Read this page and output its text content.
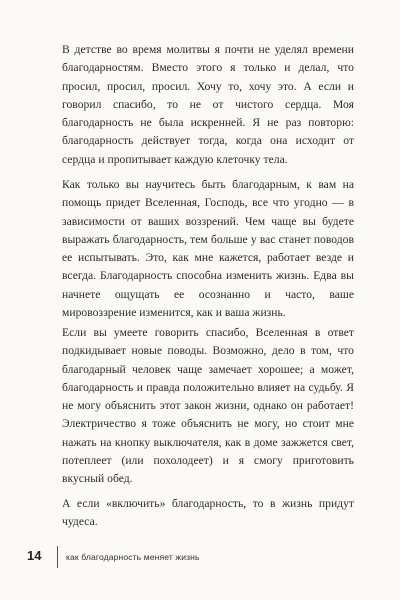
В детстве во время молитвы я почти не уделял времени благодарностям. Вместо этого я только и делал, что просил, просил, просил. Хочу то, хочу это. А если и говорил спасибо, то не от чистого сердца. Моя благодарность не была искренней. Я не раз повторю: благодарность действует тогда, когда она исходит от сердца и пропитывает каждую клеточку тела.

Как только вы научитесь быть благодарным, к вам на помощь придет Вселенная, Господь, все что угодно — в зависимости от ваших воззрений. Чем чаще вы будете выражать благодарность, тем больше у вас станет поводов ее испытывать. Это, как мне кажется, работает везде и всегда. Благодарность способна изменить жизнь. Едва вы начнете ощущать ее осознанно и часто, ваше мировоззрение изменится, как и ваша жизнь.

Если вы умеете говорить спасибо, Вселенная в ответ подкидывает новые поводы. Возможно, дело в том, что благодарный человек чаще замечает хорошее; а может, благодарность и правда положительно влияет на судьбу. Я не могу объяснить этот закон жизни, однако он работает! Электричество я тоже объяснить не могу, но стоит мне нажать на кнопку выключателя, как в доме зажжется свет, потеплеет (или похолодеет) и я смогу приготовить вкусный обед.

А если «включить» благодарность, то в жизнь придут чудеса.

14	как благодарность меняет жизнь
